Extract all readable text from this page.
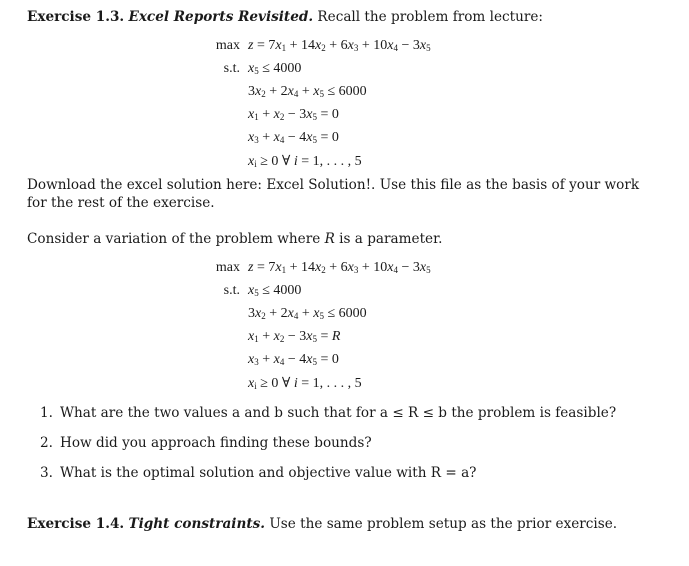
Exercise 1.3. Excel Reports Revisited. Recall the problem from lecture:
$\max z = 7x_1 + 14x_2 + 6x_3 + 10x_4 - 3x_5$
s.t. $x_5 \le 4000$
$3x_2 + 2x_4 + x_5 \le 6000$
$x_1 + x_2 - 3x_5 = 0$
$x_3 + x_4 - 4x_5 = 0$
$x_i \ge 0$ ∀ i = 1, . . . , 5
Download the excel solution here: Excel Solution!. Use this file as the basis of your work for the rest of the exercise.
Consider a variation of the problem where R is a parameter.
$\max z = 7x_1 + 14x_2 + 6x_3 + 10x_4 - 3x_5$
s.t. $x_5 \le 4000$
$3x_2 + 2x_4 + x_5 \le 6000$
$x_1 + x_2 - 3x_5 = R$
$x_3 + x_4 - 4x_5 = 0$
$x_i \ge 0$ ∀ i = 1, . . . , 5
1. What are the two values a and b such that for a ≤ R ≤ b the problem is feasible?
2. How did you approach finding these bounds?
3. What is the optimal solution and objective value with R = a?
Exercise 1.4. Tight constraints. Use the same problem setup as the prior exercise.
